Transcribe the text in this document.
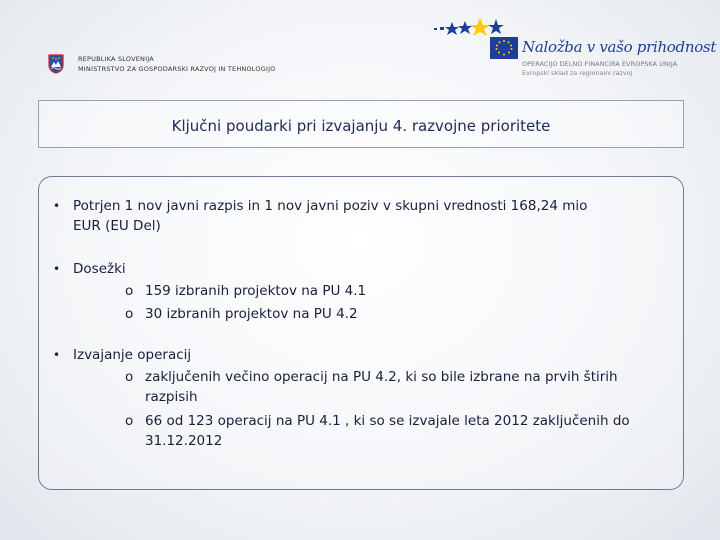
REPUBLIKA SLOVENIJA
MINISTRSTVO ZA GOSPODARSKI RAZVOJ IN TEHNOLOGIJO
Naložba v vašo prihodnost
OPERACIJO DELNO FINANCIRA EVROPSKA UNIJA
Evropski sklad za regionalni razvoj
Ključni poudarki pri izvajanju 4. razvojne prioritete
• Potrjen 1 nov javni razpis in 1 nov javni poziv v skupni vrednosti 168,24 mio
EUR (EU Del)
• Dosežki
o 159 izbranih projektov na PU 4.1
o 30 izbranih projektov na PU 4.2
• Izvajanje operacij
o zaključenih večino operacij na PU 4.2, ki so bile izbrane na prvih štirih
razpisih
o 66 od 123 operacij na PU 4.1 , ki so se izvajale leta 2012 zaključenih do
31.12.2012
